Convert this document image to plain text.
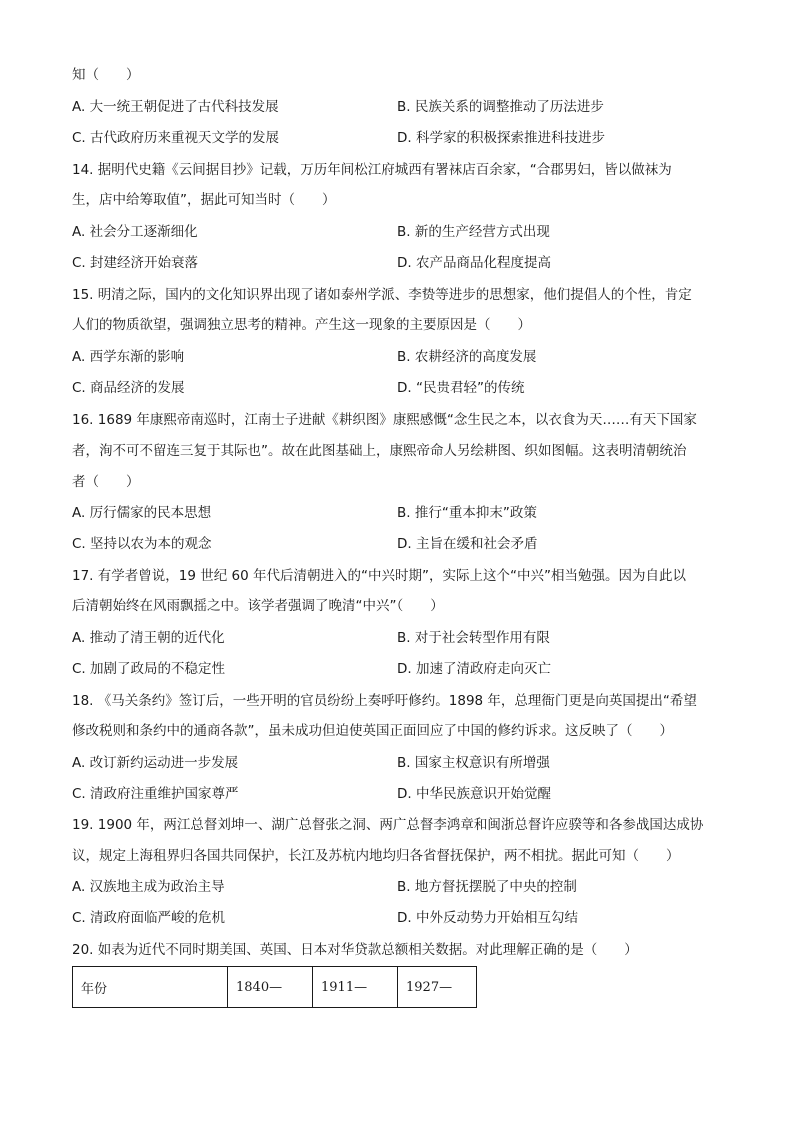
知（　　）
A. 大一统王朝促进了古代科技发展	B. 民族关系的调整推动了历法进步
C. 古代政府历来重视天文学的发展	D. 科学家的积极探索推进科技进步
14. 据明代史籍《云间据目抄》记载，万历年间松江府城西有署袜店百余家，“合郡男妇，皆以做袜为
生，店中给筹取值”，据此可知当时（　　）
A. 社会分工逐渐细化	B. 新的生产经营方式出现
C. 封建经济开始衰落	D. 农产品商品化程度提高
15. 明清之际，国内的文化知识界出现了诸如泰州学派、李贽等进步的思想家，他们提倡人的个性，肯定
人们的物质欲望，强调独立思考的精神。产生这一现象的主要原因是（　　）
A. 西学东渐的影响	B. 农耕经济的高度发展
C. 商品经济的发展	D. “民贵君轻”的传统
16. 1689 年康熙帝南巡时，江南士子进献《耕织图》康熙感慨“念生民之本，以衣食为天……有天下国家
者，洵不可不留连三复于其际也”。故在此图基础上，康熙帝命人另绘耕图、织如图幅。这表明清朝统治
者（　　）
A. 厉行儒家的民本思想	B. 推行“重本抑末”政策
C. 坚持以农为本的观念	D. 主旨在缓和社会矛盾
17. 有学者曾说，19 世纪 60 年代后清朝进入的“中兴时期”，实际上这个“中兴”相当勉强。因为自此以
后清朝始终在风雨飘摇之中。该学者强调了晚清“中兴”（　　）
A. 推动了清王朝的近代化	B. 对于社会转型作用有限
C. 加剧了政局的不稳定性	D. 加速了清政府走向灭亡
18. 《马关条约》签订后，一些开明的官员纷纷上奏呼吁修约。1898 年，总理衙门更是向英国提出“希望
修改税则和条约中的通商各款”，虽未成功但迫使英国正面回应了中国的修约诉求。这反映了（　　）
A. 改订新约运动进一步发展	B. 国家主权意识有所增强
C. 清政府注重维护国家尊严	D. 中华民族意识开始觉醒
19. 1900 年，两江总督刘坤一、湖广总督张之洞、两广总督李鸿章和闽浙总督许应骙等和各参战国达成协
议，规定上海租界归各国共同保护，长江及苏杭内地均归各省督抚保护，两不相扰。据此可知（　　）
A. 汉族地主成为政治主导	B. 地方督抚摆脱了中央的控制
C. 清政府面临严峻的危机	D. 中外反动势力开始相互勾结
20. 如表为近代不同时期美国、英国、日本对华贷款总额相关数据。对此理解正确的是（　　）
年份	1840—	1911—	1927—
